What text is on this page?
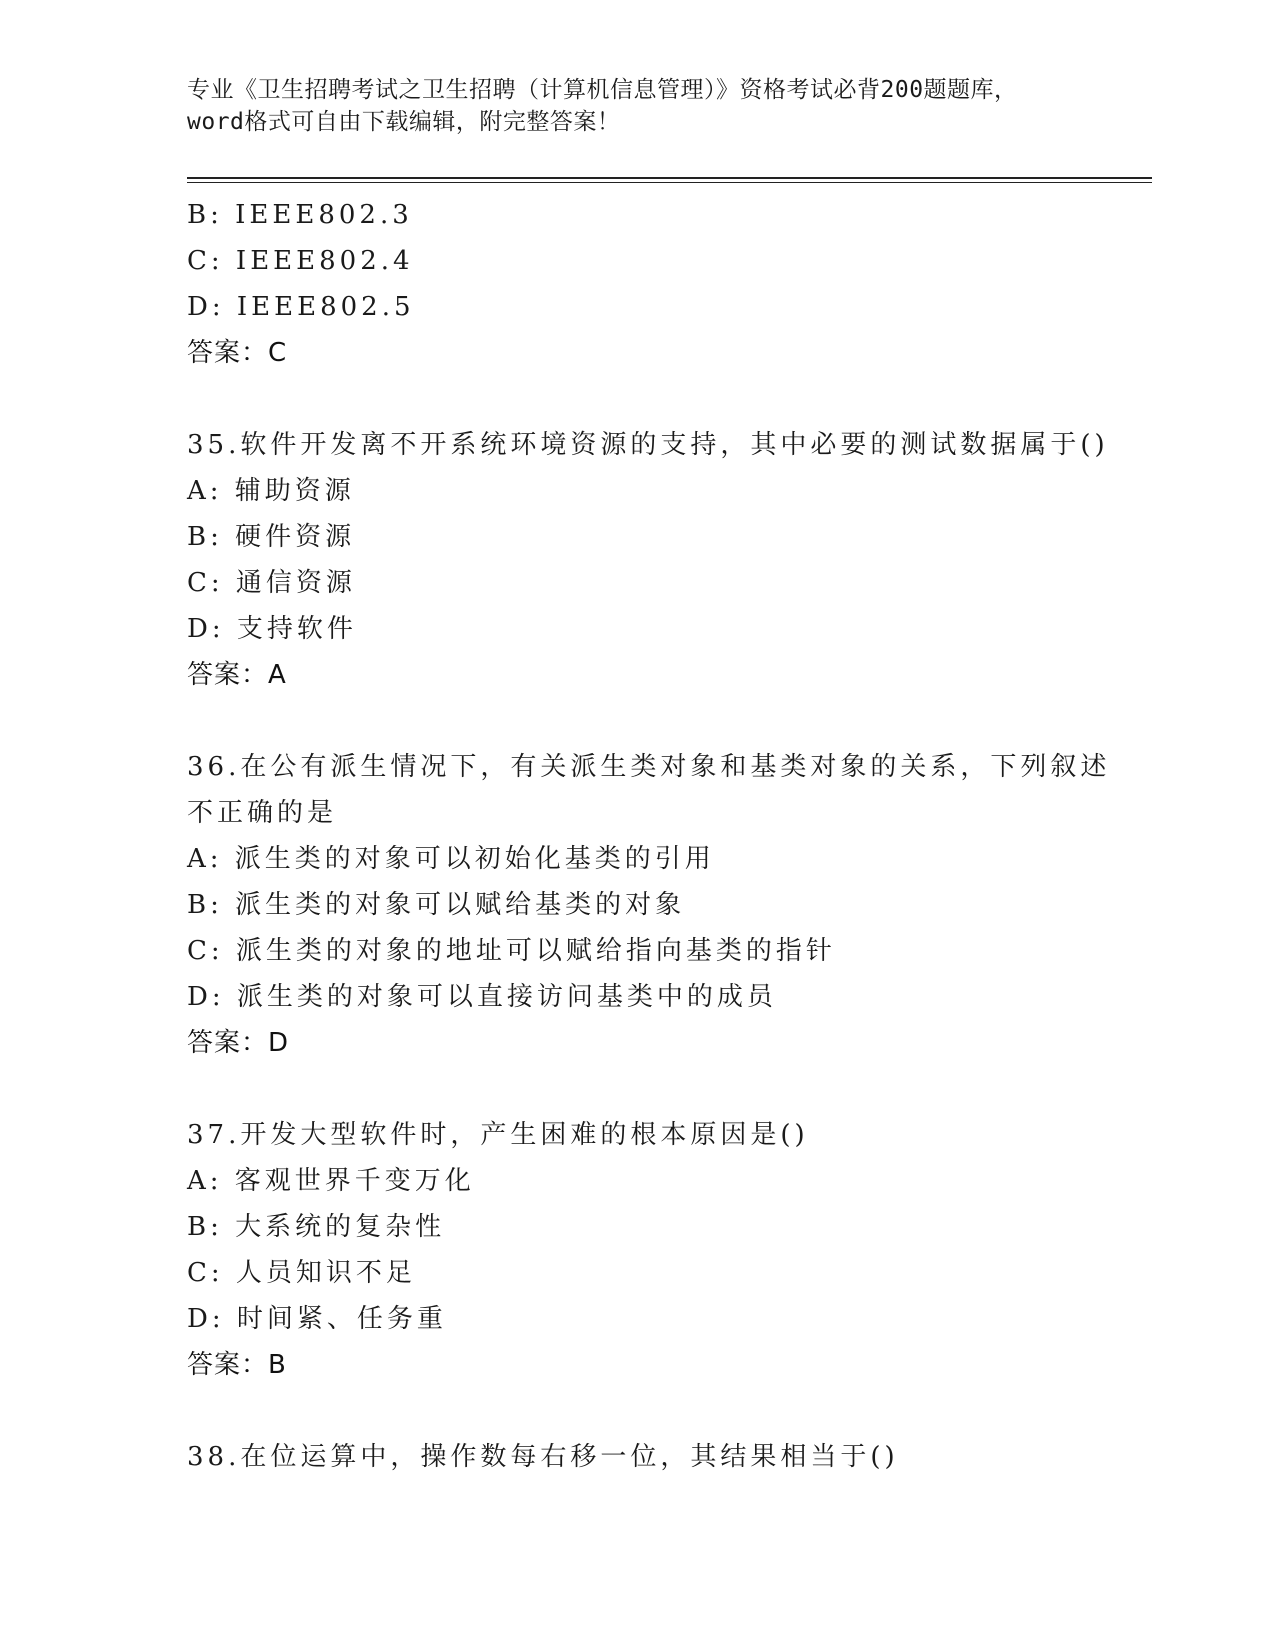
专业《卫生招聘考试之卫生招聘（计算机信息管理）》资格考试必背200题题库，
word格式可自由下载编辑，附完整答案！
B: IEEE802.3
C: IEEE802.4
D: IEEE802.5
答案：C
35.软件开发离不开系统环境资源的支持，其中必要的测试数据属于()
A: 辅助资源
B: 硬件资源
C: 通信资源
D: 支持软件
答案：A
36.在公有派生情况下，有关派生类对象和基类对象的关系，下列叙述
不正确的是
A: 派生类的对象可以初始化基类的引用
B: 派生类的对象可以赋给基类的对象
C: 派生类的对象的地址可以赋给指向基类的指针
D: 派生类的对象可以直接访问基类中的成员
答案：D
37.开发大型软件时，产生困难的根本原因是()
A: 客观世界千变万化
B: 大系统的复杂性
C: 人员知识不足
D: 时间紧、任务重
答案：B
38.在位运算中，操作数每右移一位，其结果相当于()
